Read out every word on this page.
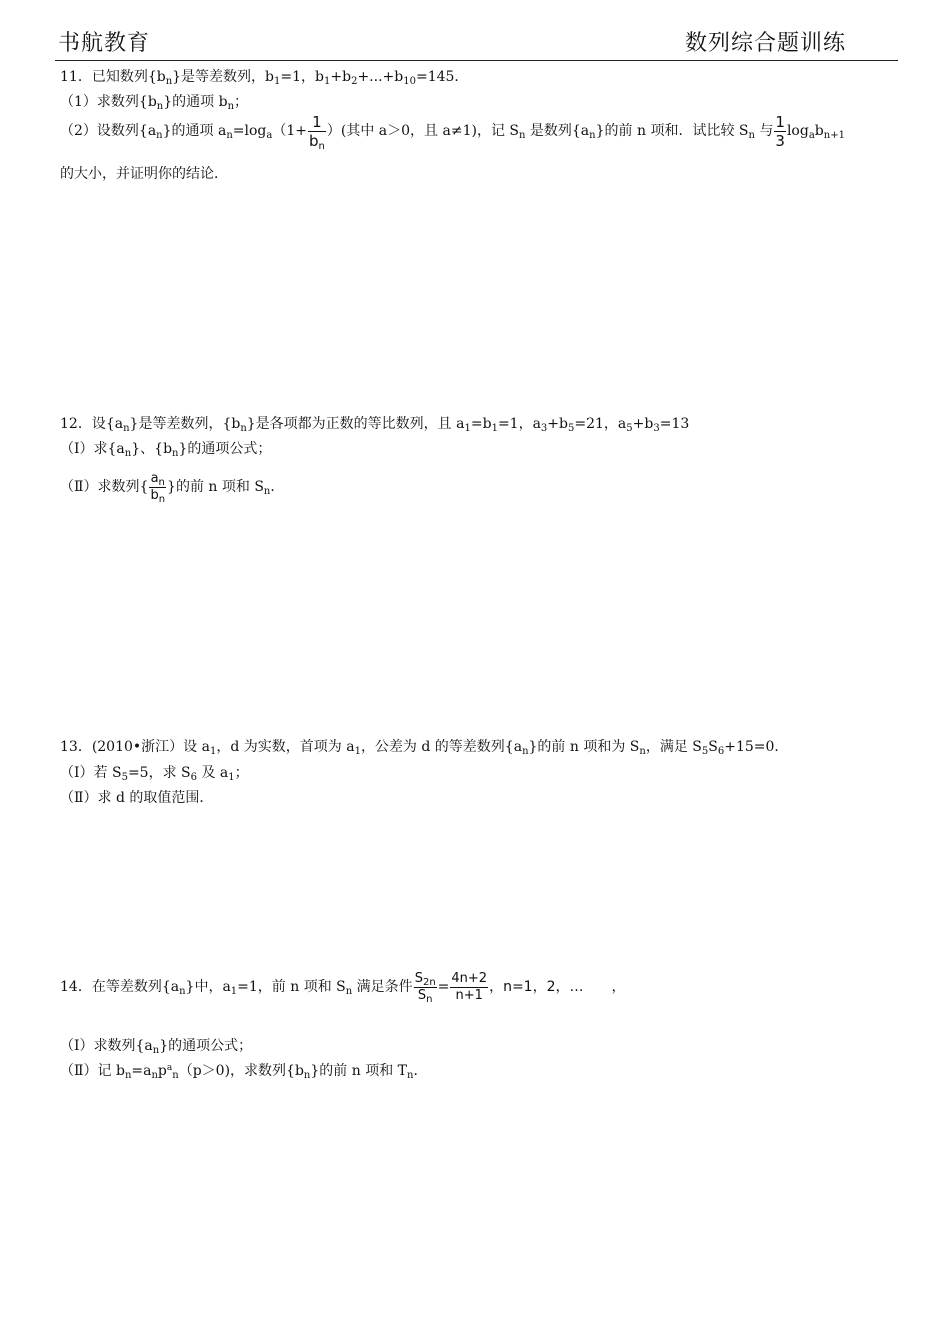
书航教育	数列综合题训练
11．已知数列$\{b_n\}$是等差数列，$b_1=1$，$b_1+b_2+...+b_{10}=145$．
（1）求数列$\{b_n\}$的通项 $b_n$；
（2）设数列$\{a_n\}$的通项 $a_n=\log_a(1+ \frac{1}{b_n}$ ）(其中 a＞0，且 a≠1)，记 $S_n$ 是数列$\{a_n\}$的前 n 项和．试比较 $S_n$ 与 $\frac{1}{3} \log_ab_{n+1}$
的大小，并证明你的结论．
12．设$\{a_n\}$是等差数列，$\{b_n\}$是各项都为正数的等比数列，且 $a_1=b_1=1$，$a_3+b_5=21$，$a_5+b_3=13$
（Ⅰ）求$\{a_n\}$、$\{b_n\}$的通项公式；
（Ⅱ）求数列{ $\frac{a_n}{b_n}$ }的前 n 项和 $S_n$．
13．(2010•浙江）设 $a_1$，d 为实数，首项为 $a_1$，公差为 d 的等差数列$\{a_n\}$的前 n 项和为 $S_n$，满足 $S_5S_6+15=0$．
（Ⅰ）若 $S_5=5$，求 $S_6$ 及 $a_1$；
（Ⅱ）求 d 的取值范围．
14．在等差数列$\{a_n\}$中，$a_1=1$，前 n 项和 $S_n$ 满足条件 $\frac{S_{2n}}{S_n} = \frac{4n+2}{n+1}$ ，n=1，2，… ，
（Ⅰ）求数列$\{a_n\}$的通项公式；
（Ⅱ）记 $b_n=a_np^a_n(p>0)$，求数列$\{b_n\}$的前 n 项和 $T_n$．
